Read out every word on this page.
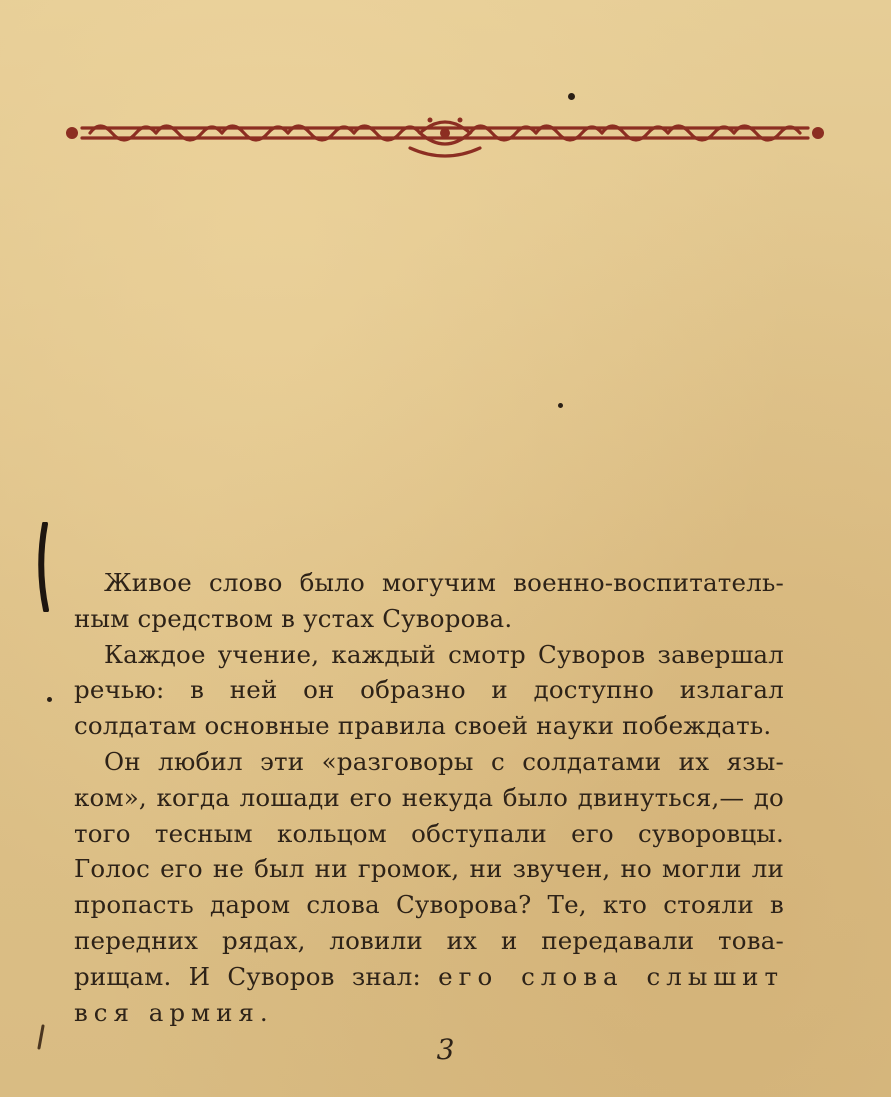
Живое слово было могучим военно-воспитатель- ным средством в устах Суворова.

Каждое учение, каждый смотр Суворов завершал речью: в ней он образно и доступно излагал солдатам основные правила своей науки побеждать.

Он любил эти «разговоры с солдатами их язы- ком», когда лошади его некуда было двинуться,— до того тесным кольцом обступали его суворовцы. Голос его не был ни громок, ни звучен, но могли ли пропасть даром слова Суворова? Те, кто стояли в передних рядах, ловили их и передавали това- рищам. И Суворов знал: его слова слышит вся армия.

3
